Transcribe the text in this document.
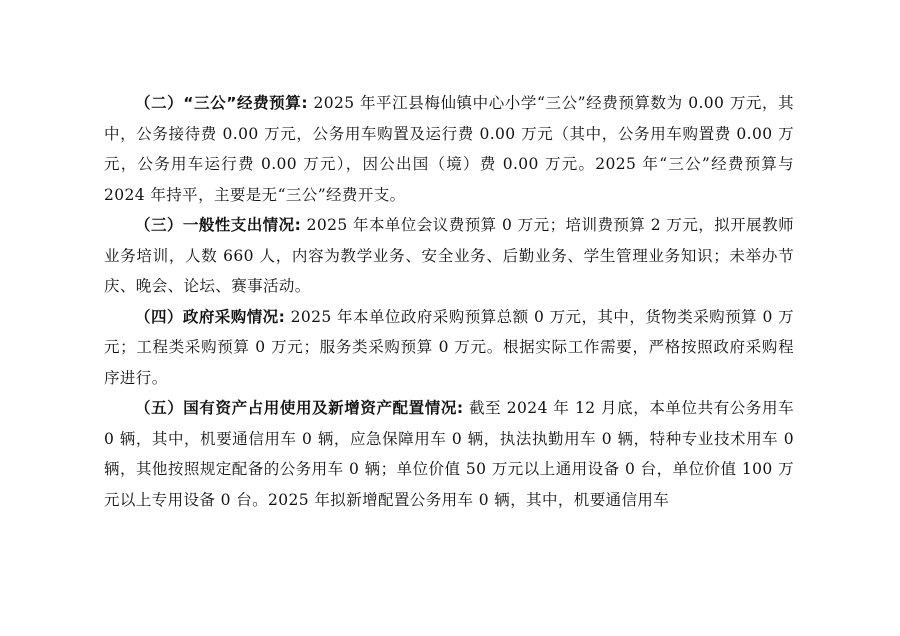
（二）“三公”经费预算: 2025 年平江县梅仙镇中心小学“三公”经费预算数为 0.00 万元，其中，公务接待费 0.00 万元，公务用车购置及运行费 0.00 万元（其中，公务用车购置费 0.00 万元，公务用车运行费 0.00 万元），因公出国（境）费 0.00 万元。2025 年“三公”经费预算与 2024 年持平，主要是无“三公”经费开支。

（三）一般性支出情况: 2025 年本单位会议费预算 0 万元；培训费预算 2 万元，拟开展教师业务培训，人数 660 人，内容为教学业务、安全业务、后勤业务、学生管理业务知识；未举办节庆、晚会、论坛、赛事活动。

（四）政府采购情况: 2025 年本单位政府采购预算总额 0 万元，其中，货物类采购预算 0 万元；工程类采购预算 0 万元；服务类采购预算 0 万元。根据实际工作需要，严格按照政府采购程序进行。

（五）国有资产占用使用及新增资产配置情况: 截至 2024 年 12 月底，本单位共有公务用车 0 辆，其中，机要通信用车 0 辆，应急保障用车 0 辆，执法执勤用车 0 辆，特种专业技术用车 0 辆，其他按照规定配备的公务用车 0 辆；单位价值 50 万元以上通用设备 0 台，单位价值 100 万元以上专用设备 0 台。2025 年拟新增配置公务用车 0 辆，其中，机要通信用车
